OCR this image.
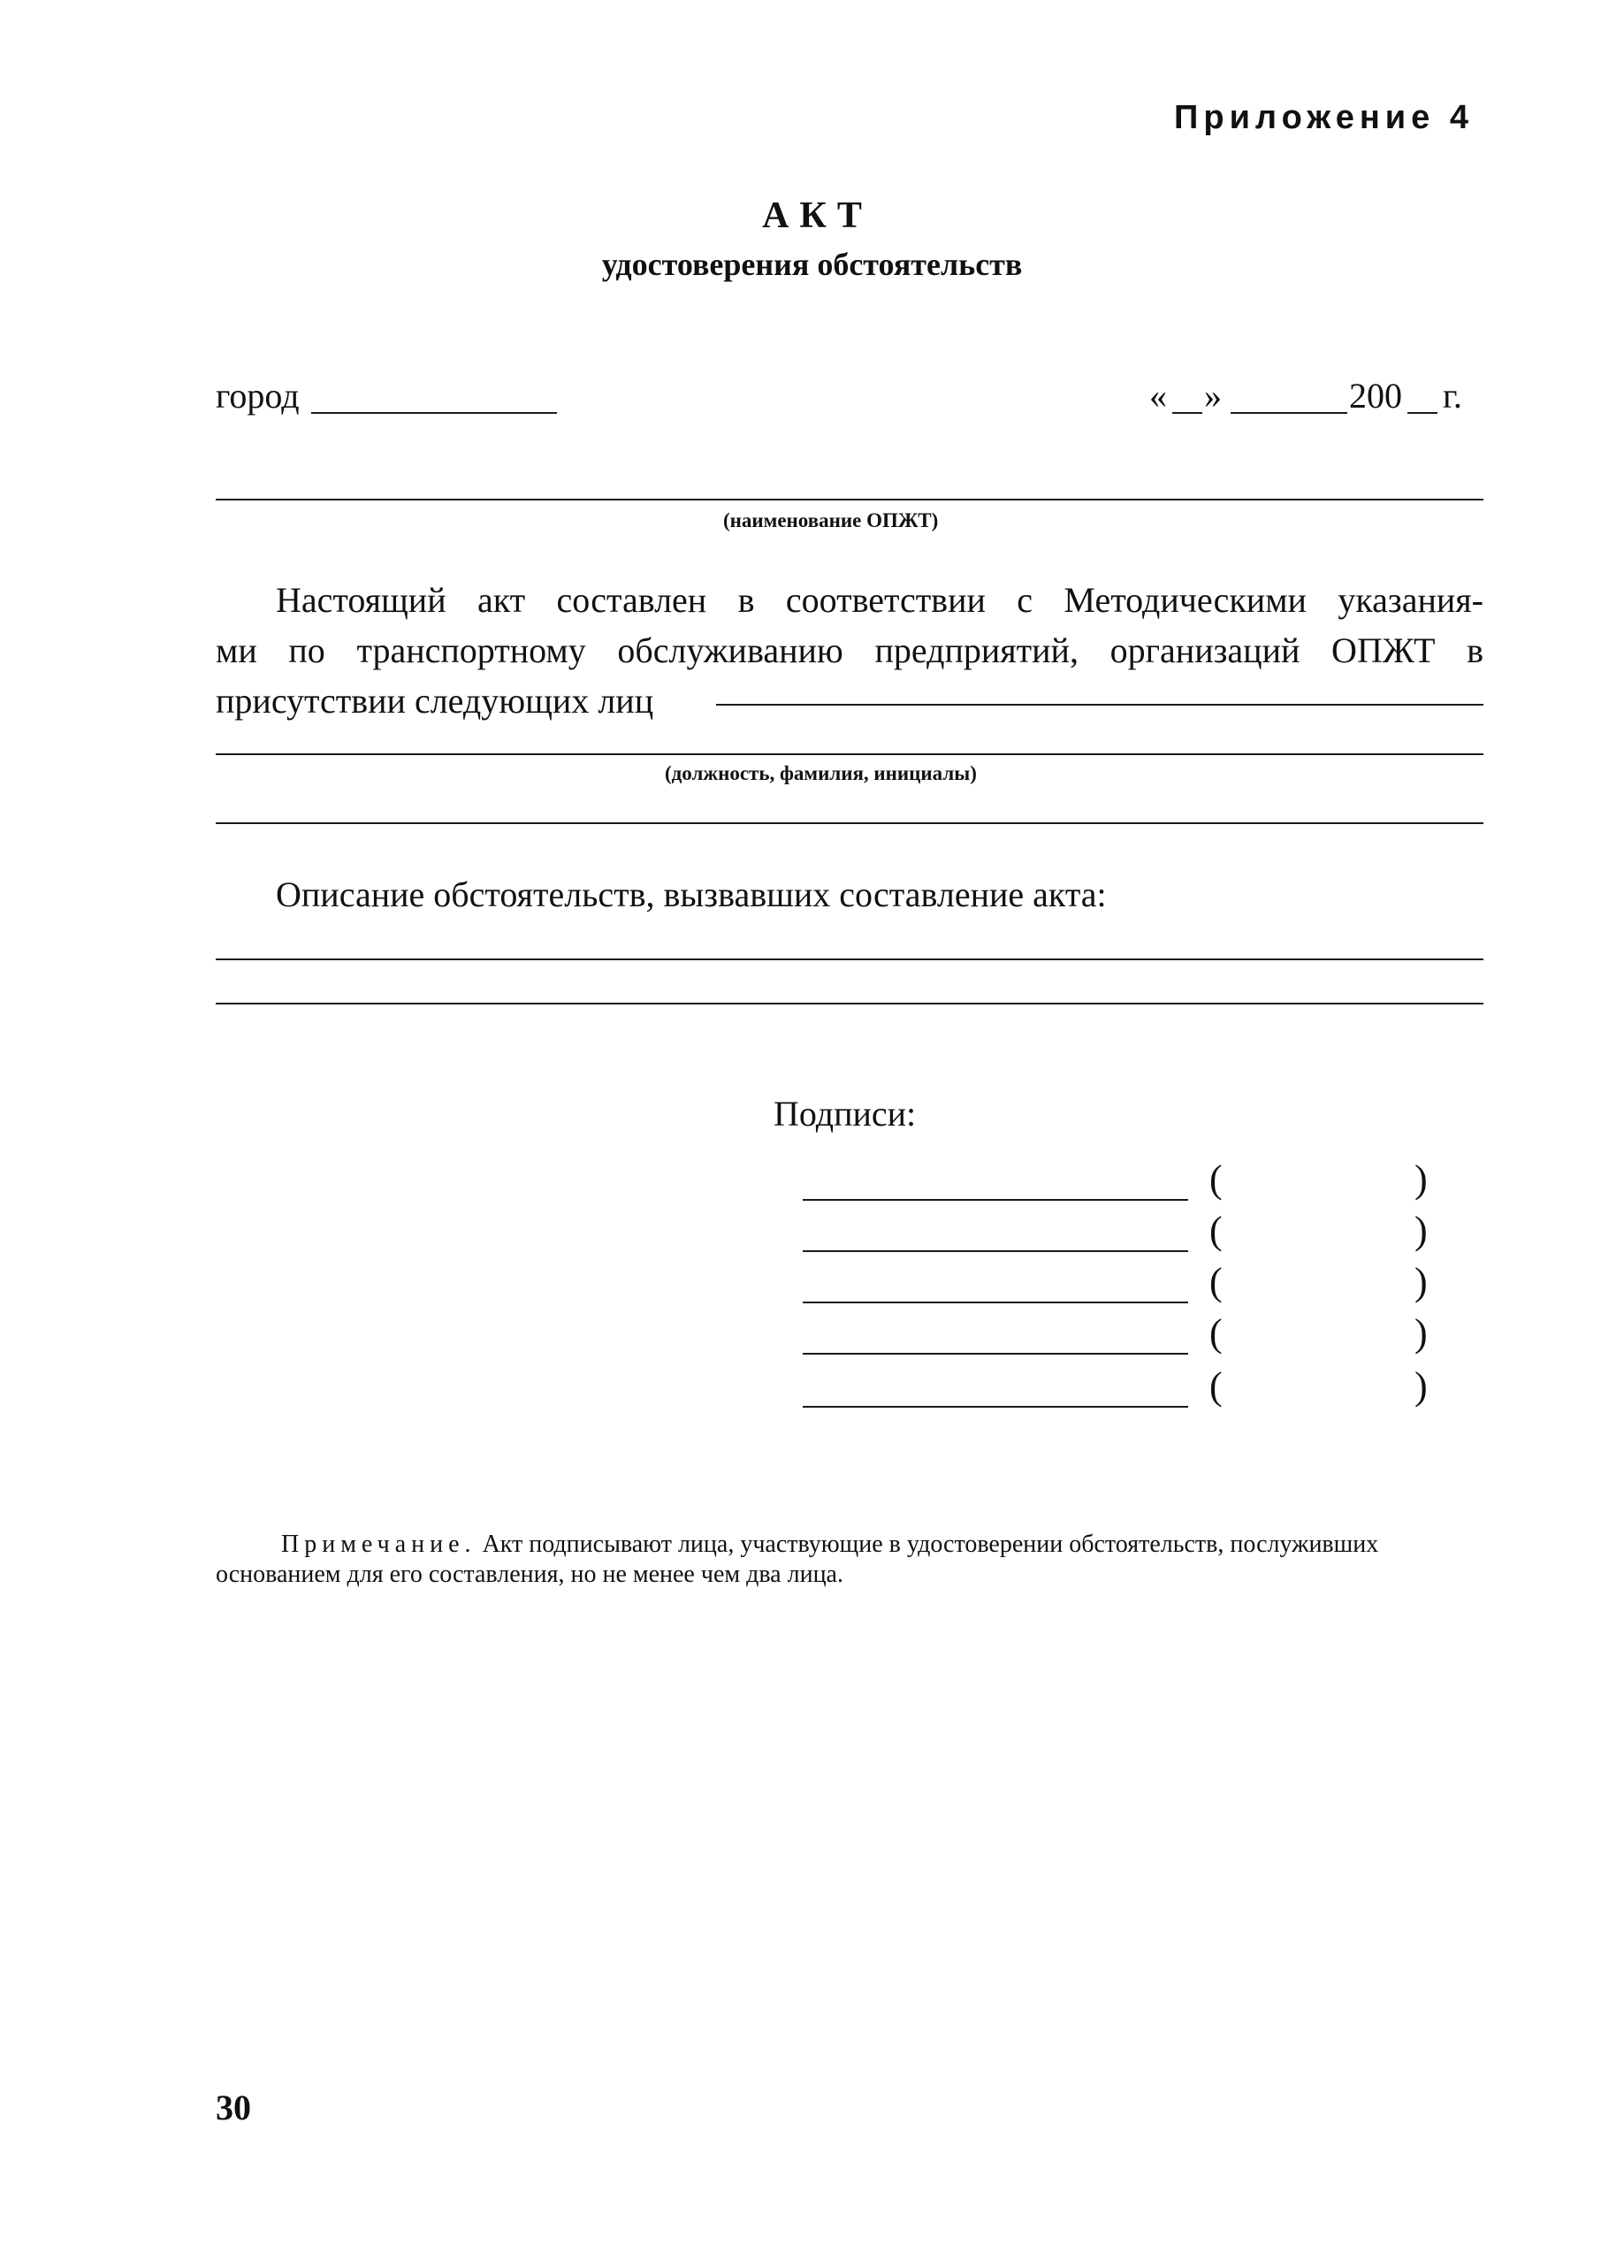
Приложение 4
АКТ
удостоверения обстоятельств
город	« »	200 г.
(наименование ОПЖТ)
Настоящий акт составлен в соответствии с Методическими указания-
ми по транспортному обслуживанию предприятий, организаций ОПЖТ в
присутствии следующих лиц
(должность, фамилия, инициалы)
Описание обстоятельств, вызвавших составление акта:
Подписи:
(	)
(	)
(	)
(	)
(	)
Примечание. Акт подписывают лица, участвующие в удостоверении обстоятельств, послуживших основанием для его составления, но не менее чем два лица.
30
